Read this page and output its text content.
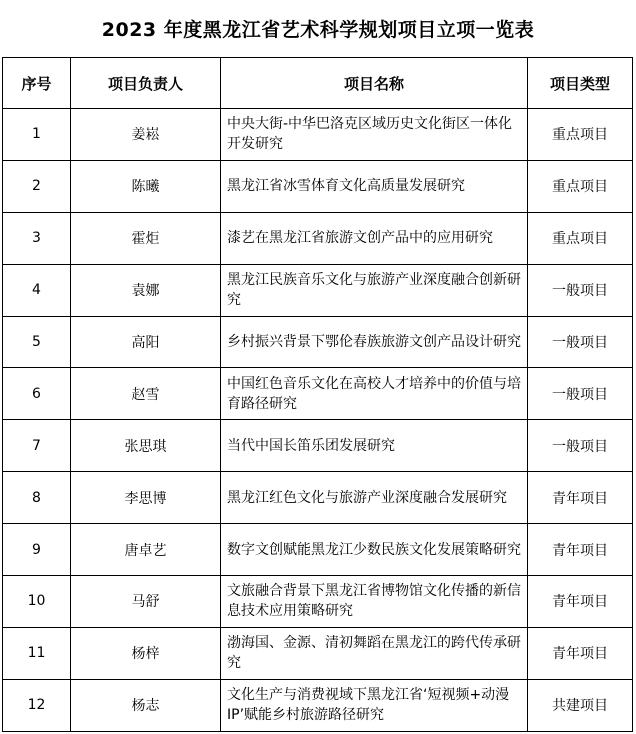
2023 年度黑龙江省艺术科学规划项目立项一览表
序号	项目负责人	项目名称	项目类型
1	姜崧	中央大街-中华巴洛克区域历史文化街区一体化开发研究	重点项目
2	陈曦	黑龙江省冰雪体育文化高质量发展研究	重点项目
3	霍炬	漆艺在黑龙江省旅游文创产品中的应用研究	重点项目
4	袁娜	黑龙江民族音乐文化与旅游产业深度融合创新研究	一般项目
5	高阳	乡村振兴背景下鄂伦春族旅游文创产品设计研究	一般项目
6	赵雪	中国红色音乐文化在高校人才培养中的价值与培育路径研究	一般项目
7	张思琪	当代中国长笛乐团发展研究	一般项目
8	李思博	黑龙江红色文化与旅游产业深度融合发展研究	青年项目
9	唐卓艺	数字文创赋能黑龙江少数民族文化发展策略研究	青年项目
10	马舒	文旅融合背景下黑龙江省博物馆文化传播的新信息技术应用策略研究	青年项目
11	杨梓	渤海国、金源、清初舞蹈在黑龙江的跨代传承研究	青年项目
12	杨志	文化生产与消费视域下黑龙江省‘短视频+动漫 IP’赋能乡村旅游路径研究	共建项目
